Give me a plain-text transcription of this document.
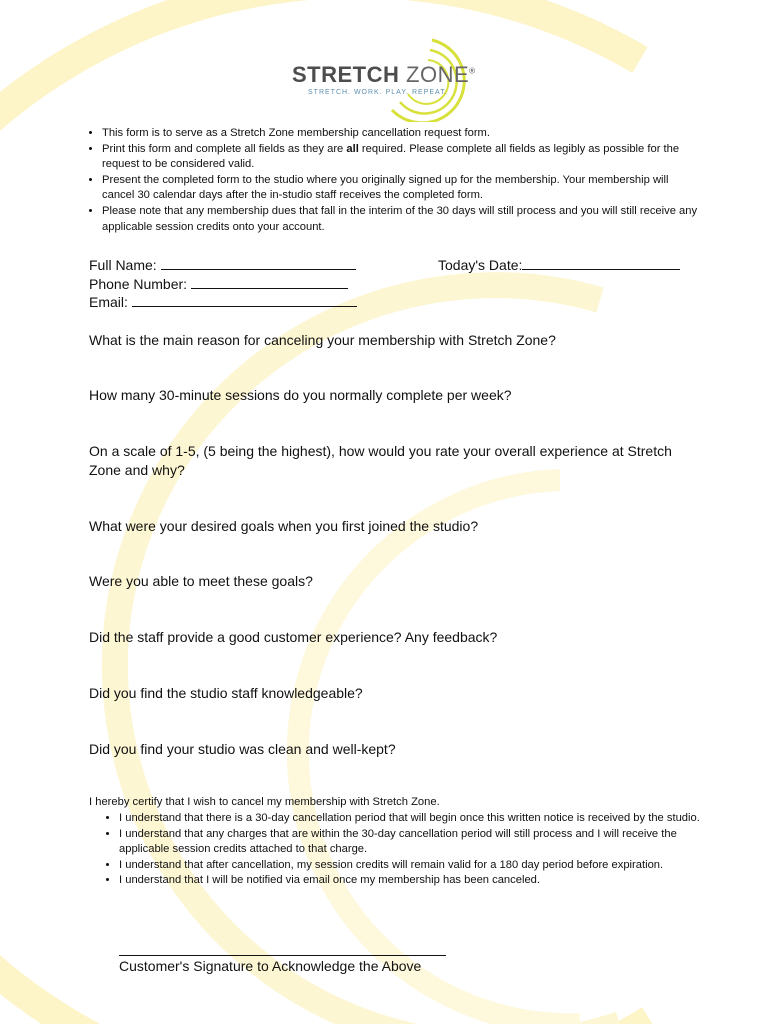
STRETCH ZONE®
STRETCH. WORK. PLAY. REPEAT.
• This form is to serve as a Stretch Zone membership cancellation request form.
• Print this form and complete all fields as they are all required. Please complete all fields as legibly as possible for the request to be considered valid.
• Present the completed form to the studio where you originally signed up for the membership. Your membership will cancel 30 calendar days after the in-studio staff receives the completed form.
• Please note that any membership dues that fall in the interim of the 30 days will still process and you will still receive any applicable session credits onto your account.
Full Name:	Today's Date:
Phone Number:
Email:

What is the main reason for canceling your membership with Stretch Zone?

How many 30-minute sessions do you normally complete per week?

On a scale of 1-5, (5 being the highest), how would you rate your overall experience at Stretch Zone and why?

What were your desired goals when you first joined the studio?

Were you able to meet these goals?

Did the staff provide a good customer experience? Any feedback?

Did you find the studio staff knowledgeable?

Did you find your studio was clean and well-kept?

I hereby certify that I wish to cancel my membership with Stretch Zone.
• I understand that there is a 30-day cancellation period that will begin once this written notice is received by the studio.
• I understand that any charges that are within the 30-day cancellation period will still process and I will receive the applicable session credits attached to that charge.
• I understand that after cancellation, my session credits will remain valid for a 180 day period before expiration.
• I understand that I will be notified via email once my membership has been canceled.
Customer's Signature to Acknowledge the Above
